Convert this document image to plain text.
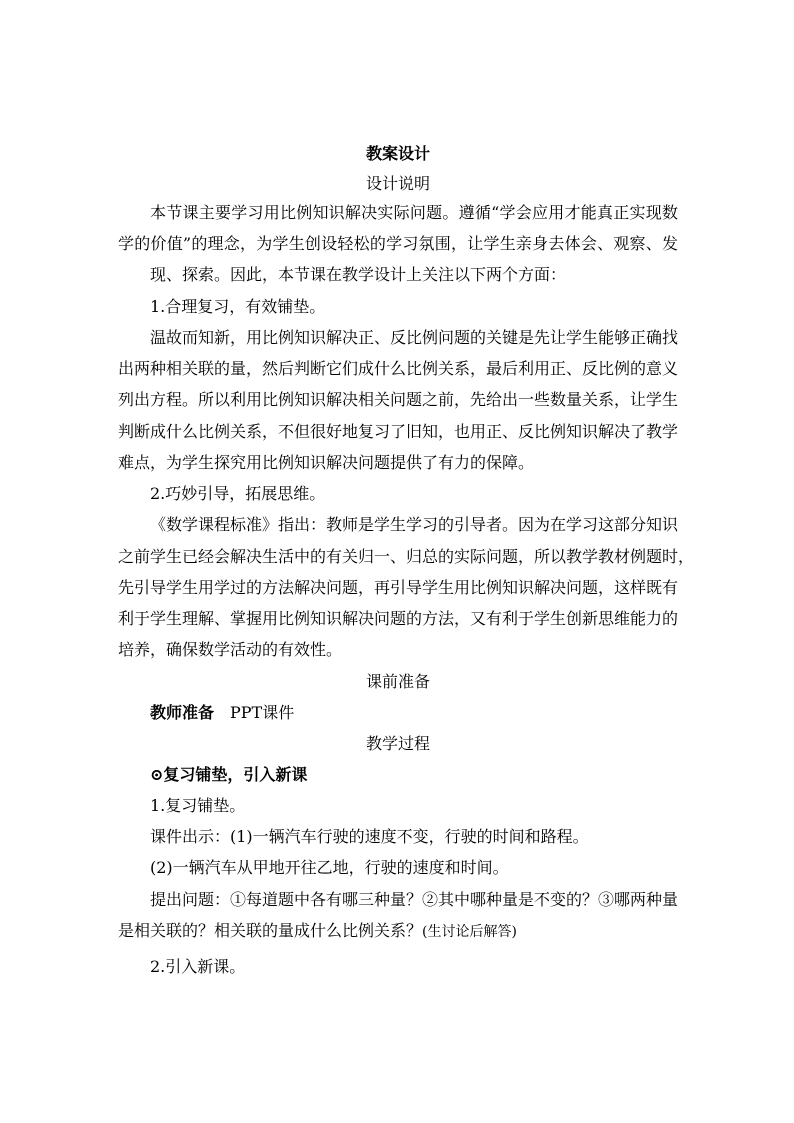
教案设计
设计说明
本节课主要学习用比例知识解决实际问题。遵循“学会应用才能真正实现数
学的价值”的理念，为学生创设轻松的学习氛围，让学生亲身去体会、观察、发
现、探索。因此，本节课在教学设计上关注以下两个方面：
1.合理复习，有效铺垫。
温故而知新，用比例知识解决正、反比例问题的关键是先让学生能够正确找
出两种相关联的量，然后判断它们成什么比例关系，最后利用正、反比例的意义
列出方程。所以利用比例知识解决相关问题之前，先给出一些数量关系，让学生
判断成什么比例关系，不但很好地复习了旧知，也用正、反比例知识解决了教学
难点，为学生探究用比例知识解决问题提供了有力的保障。
2.巧妙引导，拓展思维。
《数学课程标准》指出：教师是学生学习的引导者。因为在学习这部分知识
之前学生已经会解决生活中的有关归一、归总的实际问题，所以教学教材例题时，
先引导学生用学过的方法解决问题，再引导学生用比例知识解决问题，这样既有
利于学生理解、掌握用比例知识解决问题的方法，又有利于学生创新思维能力的
培养，确保数学活动的有效性。
课前准备
教师准备 PPT课件
教学过程
⊙复习铺垫，引入新课
1.复习铺垫。
课件出示：(1)一辆汽车行驶的速度不变，行驶的时间和路程。
(2)一辆汽车从甲地开往乙地，行驶的速度和时间。
提出问题：①每道题中各有哪三种量？②其中哪种量是不变的？③哪两种量
是相关联的？相关联的量成什么比例关系？(生讨论后解答)
2.引入新课。
